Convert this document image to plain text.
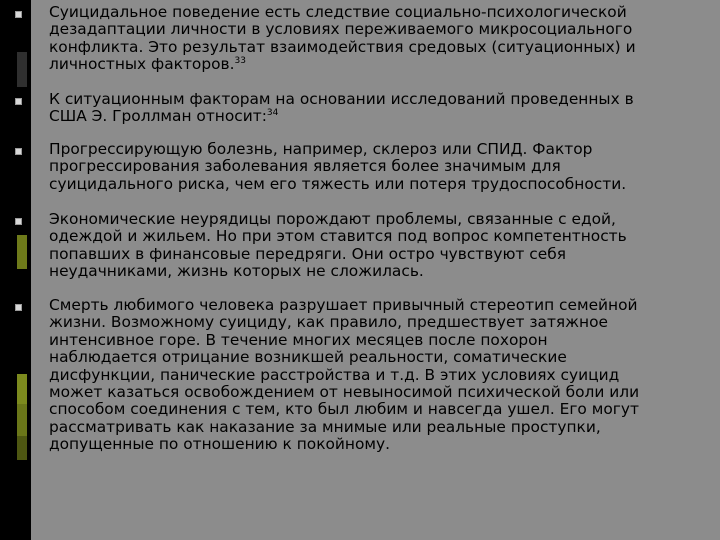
Суицидальное поведение есть следствие социально-психологической
дезадаптации личности в условиях переживаемого микросоциального
конфликта. Это результат взаимодействия средовых (ситуационных) и
личностных факторов.$^{33}$
К ситуационным факторам на основании исследований проведенных в
США Э. Гроллман относит:$^{34}$
Прогрессирующую болезнь, например, склероз или СПИД. Фактор
прогрессирования заболевания является более значимым для
суицидального риска, чем его тяжесть или потеря трудоспособности.
Экономические неурядицы порождают проблемы, связанные с едой,
одеждой и жильем. Но при этом ставится под вопрос компетентность
попавших в финансовые передряги. Они остро чувствуют себя
неудачниками, жизнь которых не сложилась.
Смерть любимого человека разрушает привычный стереотип семейной
жизни. Возможному суициду, как правило, предшествует затяжное
интенсивное горе. В течение многих месяцев после похорон
наблюдается отрицание возникшей реальности, соматические
дисфункции, панические расстройства и т.д. В этих условиях суицид
может казаться освобождением от невыносимой психической боли или
способом соединения с тем, кто был любим и навсегда ушел. Его могут
рассматривать как наказание за мнимые или реальные проступки,
допущенные по отношению к покойному.
